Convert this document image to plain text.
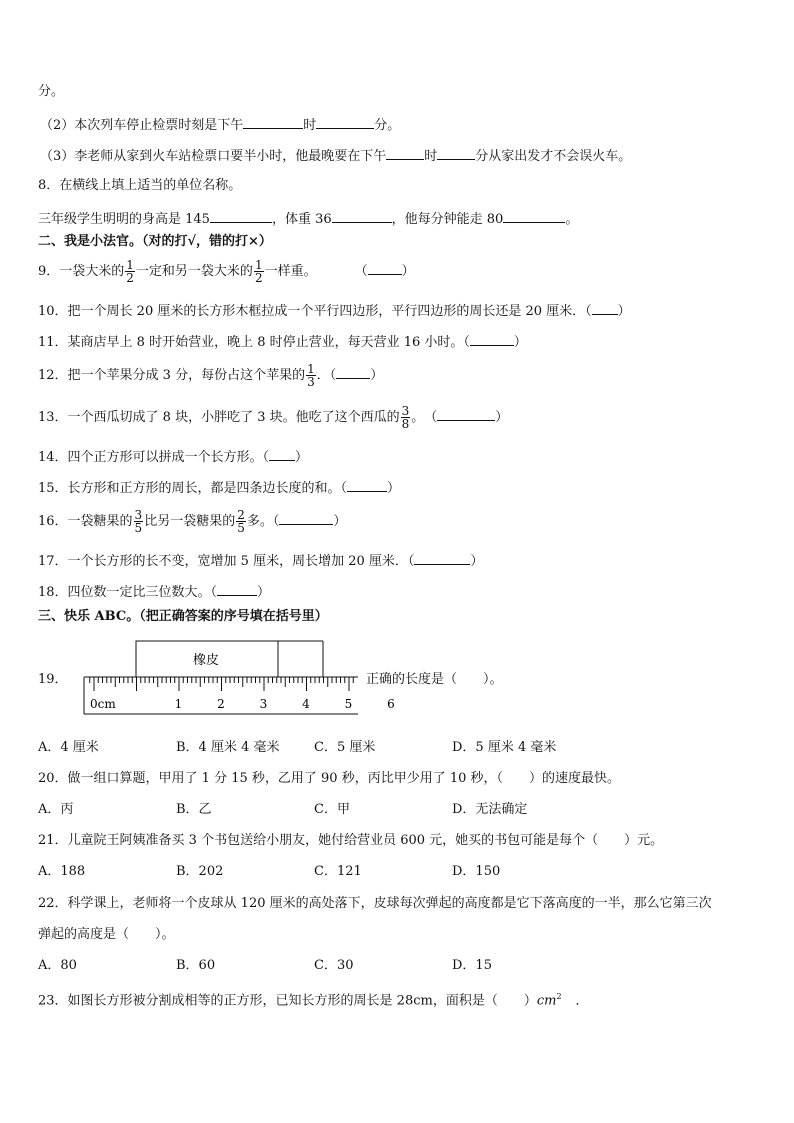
分。
（2）本次列车停止检票时刻是下午	时	分。
（3）李老师从家到火车站检票口要半小时，他最晚要在下午	时	分从家出发才不会误火车。
8．在横线上填上适当的单位名称。
三年级学生明明的身高是 145	，体重 36	，他每分钟能走 80	。
二、我是小法官。（对的打√，错的打×）
9．一袋大米的 $\frac{1}{2}$ 一定和另一袋大米的 $\frac{1}{2}$ 一样重。	（	）
10．把一个周长 20 厘米的长方形木框拉成一个平行四边形，平行四边形的周长还是 20 厘米．（ ）
11．某商店早上 8 时开始营业，晚上 8 时停止营业，每天营业 16 小时。（	）
12．把一个苹果分成 3 分，每份占这个苹果的 $\frac{1}{3}$ ．（	）
13．一个西瓜切成了 8 块，小胖吃了 3 块。他吃了这个西瓜的 $\frac{3}{8}$ 。　（	）
14．四个正方形可以拼成一个长方形。（ ）
15．长方形和正方形的周长，都是四条边长度的和。（	）
16．一袋糖果的 $\frac{3}{5}$ 比另一袋糖果的 $\frac{2}{5}$ 多。（	）
17．一个长方形的长不变，宽增加 5 厘米，周长增加 20 厘米．（	）
18．四位数一定比三位数大。（	）
三、快乐 ABC。（把正确答案的序号填在括号里）
19．
橡皮
0cm	1	2	3	4	5	6
正确的长度是（　　）。
A．4 厘米	B．4 厘米 4 毫米	C．5 厘米	D．5 厘米 4 毫米
20．做一组口算题，甲用了 1 分 15 秒，乙用了 90 秒，丙比甲少用了 10 秒，（　　）的速度最快。
A．丙	B．乙	C．甲	D．无法确定
21．儿童院王阿姨准备买 3 个书包送给小朋友，她付给营业员 600 元，她买的书包可能是每个（　　）元。
A．188	B．202	C．121	D．150
22．科学课上，老师将一个皮球从 120 厘米的高处落下，皮球每次弹起的高度都是它下落高度的一半，那么它第三次
弹起的高度是（　　）。
A．80	B．60	C．30	D．15
23．如图长方形被分割成相等的正方形，已知长方形的周长是 28cm，面积是（　　）$cm^2$ ．
